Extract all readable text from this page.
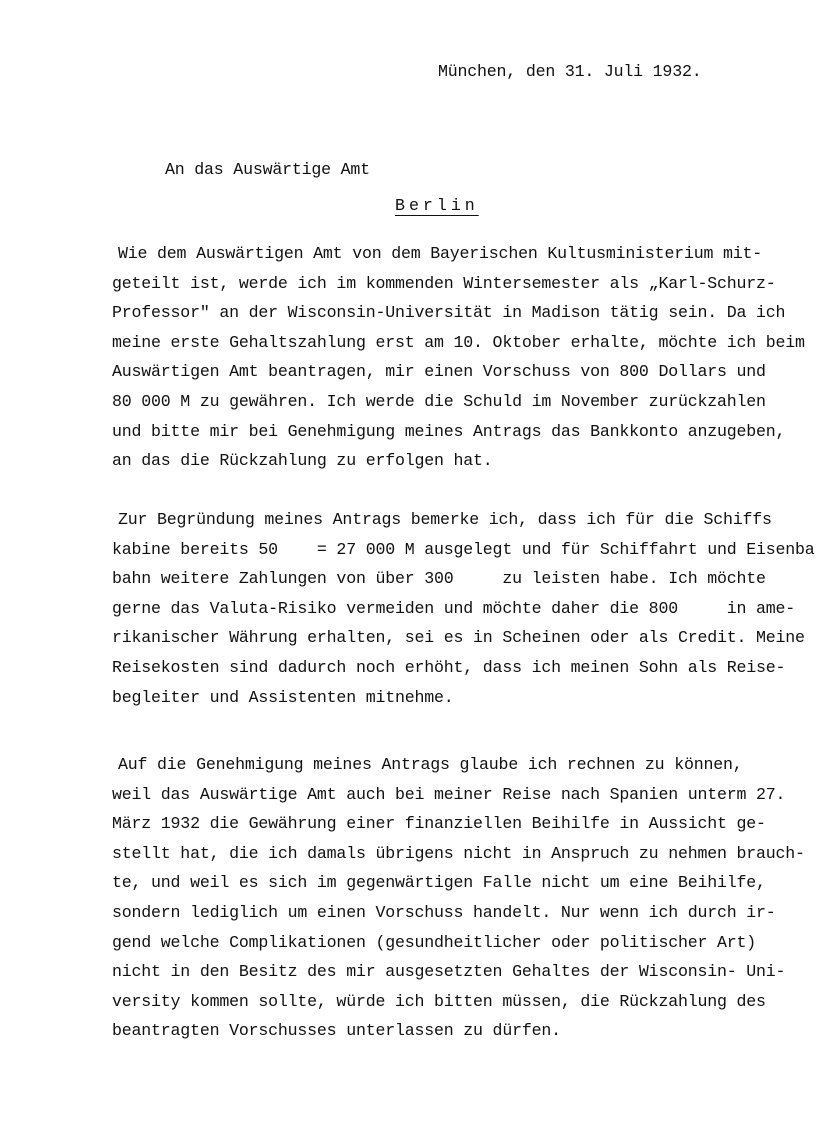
München, den 31. Juli 1932.
An das Auswärtige Amt
Berlin
Wie dem Auswärtigen Amt von dem Bayerischen Kultusministerium mit-
geteilt ist, werde ich im kommenden Wintersemester als „Karl-Schurz-
Professor" an der Wisconsin-Universität in Madison tätig sein. Da ich
meine erste Gehaltszahlung erst am 10. Oktober erhalte, möchte ich beim
Auswärtigen Amt beantragen, mir einen Vorschuss von 800 Dollars und
80 000 M zu gewähren. Ich werde die Schuld im November zurückzahlen
und bitte mir bei Genehmigung meines Antrags das Bankkonto anzugeben,
an das die Rückzahlung zu erfolgen hat.
Zur Begründung meines Antrags bemerke ich, dass ich für die Schiffs
kabine bereits 50    = 27 000 M ausgelegt und für Schiffahrt und Eisenba
bahn weitere Zahlungen von über 300     zu leisten habe. Ich möchte
gerne das Valuta-Risiko vermeiden und möchte daher die 800     in ame-
rikanischer Währung erhalten, sei es in Scheinen oder als Credit. Meine
Reisekosten sind dadurch noch erhöht, dass ich meinen Sohn als Reise-
begleiter und Assistenten mitnehme.
Auf die Genehmigung meines Antrags glaube ich rechnen zu können,
weil das Auswärtige Amt auch bei meiner Reise nach Spanien unterm 27.
März 1932 die Gewährung einer finanziellen Beihilfe in Aussicht ge-
stellt hat, die ich damals übrigens nicht in Anspruch zu nehmen brauch-
te, und weil es sich im gegenwärtigen Falle nicht um eine Beihilfe,
sondern lediglich um einen Vorschuss handelt. Nur wenn ich durch ir-
gend welche Complikationen (gesundheitlicher oder politischer Art)
nicht in den Besitz des mir ausgesetzten Gehaltes der Wisconsin- Uni-
versity kommen sollte, würde ich bitten müssen, die Rückzahlung des
beantragten Vorschusses unterlassen zu dürfen.
